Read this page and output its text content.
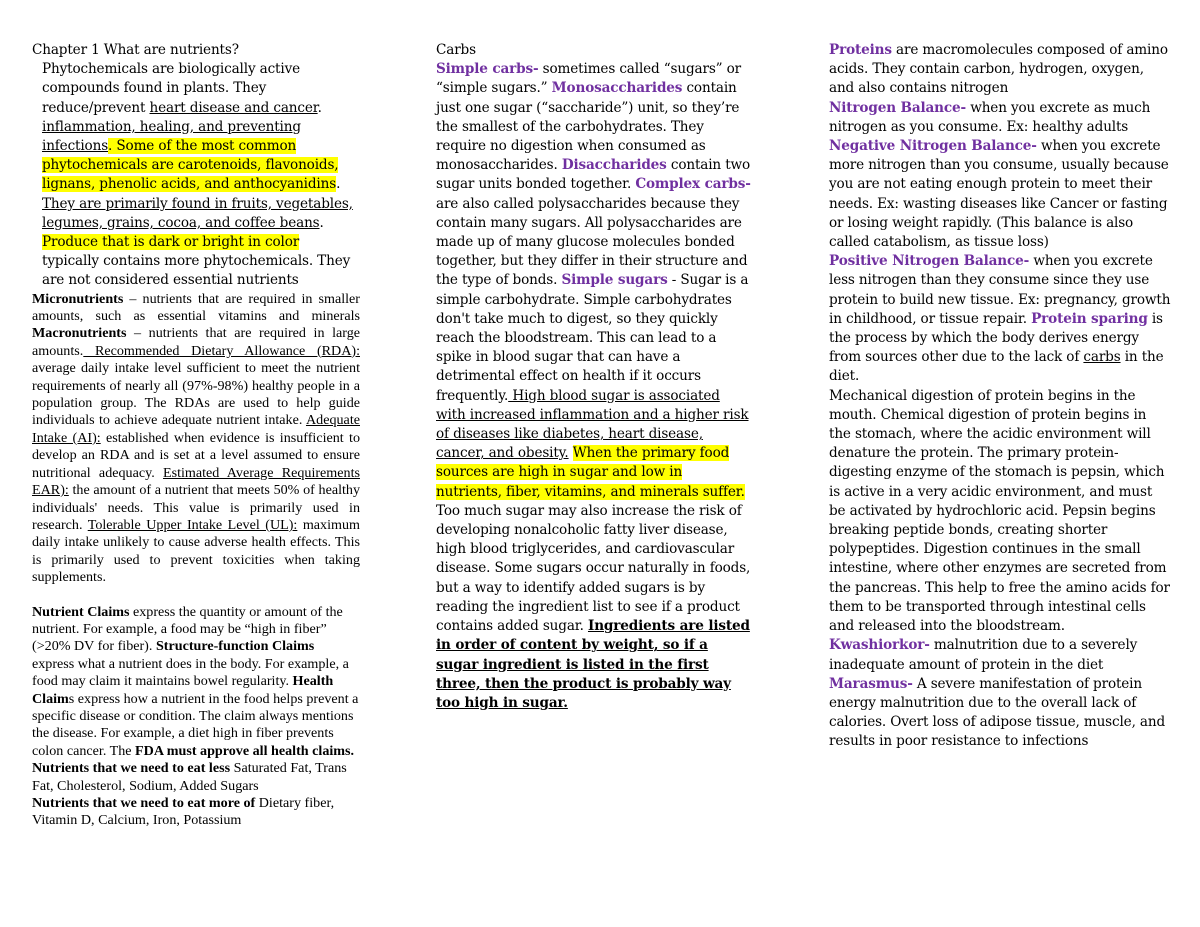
Chapter 1 What are nutrients?

Phytochemicals are biologically active compounds found in plants. They reduce/prevent heart disease and cancer. inflammation, healing, and preventing infections. Some of the most common phytochemicals are carotenoids, flavonoids, lignans, phenolic acids, and anthocyanidins. They are primarily found in fruits, vegetables, legumes, grains, cocoa, and coffee beans. Produce that is dark or bright in color typically contains more phytochemicals. They are not considered essential nutrients

Micronutrients – nutrients that are required in smaller amounts, such as essential vitamins and minerals Macronutrients – nutrients that are required in large amounts. Recommended Dietary Allowance (RDA): average daily intake level sufficient to meet the nutrient requirements of nearly all (97%-98%) healthy people in a population group. The RDAs are used to help guide individuals to achieve adequate nutrient intake. Adequate Intake (AI): established when evidence is insufficient to develop an RDA and is set at a level assumed to ensure nutritional adequacy. Estimated Average Requirements EAR): the amount of a nutrient that meets 50% of healthy individuals' needs. This value is primarily used in research. Tolerable Upper Intake Level (UL): maximum daily intake unlikely to cause adverse health effects. This is primarily used to prevent toxicities when taking supplements.

Nutrient Claims express the quantity or amount of the nutrient. For example, a food may be “high in fiber” (>20% DV for fiber). Structure-function Claims express what a nutrient does in the body. For example, a food may claim it maintains bowel regularity. Health Claims express how a nutrient in the food helps prevent a specific disease or condition. The claim always mentions the disease. For example, a diet high in fiber prevents colon cancer. The FDA must approve all health claims.

Nutrients that we need to eat less Saturated Fat, Trans Fat, Cholesterol, Sodium, Added Sugars

Nutrients that we need to eat more of Dietary fiber, Vitamin D, Calcium, Iron, Potassium

Carbs

Simple carbs- sometimes called “sugars” or “simple sugars.” Monosaccharides contain just one sugar (“saccharide”) unit, so they’re the smallest of the carbohydrates. They require no digestion when consumed as monosaccharides. Disaccharides contain two sugar units bonded together. Complex carbs- are also called polysaccharides because they contain many sugars. All polysaccharides are made up of many glucose molecules bonded together, but they differ in their structure and the type of bonds. Simple sugars - Sugar is a simple carbohydrate. Simple carbohydrates don't take much to digest, so they quickly reach the bloodstream. This can lead to a spike in blood sugar that can have a detrimental effect on health if it occurs frequently. High blood sugar is associated with increased inflammation and a higher risk of diseases like diabetes, heart disease, cancer, and obesity. When the primary food sources are high in sugar and low in nutrients, fiber, vitamins, and minerals suffer. Too much sugar may also increase the risk of developing nonalcoholic fatty liver disease, high blood triglycerides, and cardiovascular disease. Some sugars occur naturally in foods, but a way to identify added sugars is by reading the ingredient list to see if a product contains added sugar. Ingredients are listed in order of content by weight, so if a sugar ingredient is listed in the first three, then the product is probably way too high in sugar.

Proteins are macromolecules composed of amino acids. They contain carbon, hydrogen, oxygen, and also contains nitrogen
Nitrogen Balance- when you excrete as much nitrogen as you consume. Ex: healthy adults
Negative Nitrogen Balance- when you excrete more nitrogen than you consume, usually because you are not eating enough protein to meet their needs. Ex: wasting diseases like Cancer or fasting or losing weight rapidly. (This balance is also called catabolism, as tissue loss)
Positive Nitrogen Balance- when you excrete less nitrogen than they consume since they use protein to build new tissue. Ex: pregnancy, growth in childhood, or tissue repair. Protein sparing is the process by which the body derives energy from sources other due to the lack of carbs in the diet.

Mechanical digestion of protein begins in the mouth. Chemical digestion of protein begins in the stomach, where the acidic environment will denature the protein. The primary protein-digesting enzyme of the stomach is pepsin, which is active in a very acidic environment, and must be activated by hydrochloric acid. Pepsin begins breaking peptide bonds, creating shorter polypeptides. Digestion continues in the small intestine, where other enzymes are secreted from the pancreas. This help to free the amino acids for them to be transported through intestinal cells and released into the bloodstream.

Kwashiorkor- malnutrition due to a severely inadequate amount of protein in the diet

Marasmus- A severe manifestation of protein energy malnutrition due to the overall lack of calories. Overt loss of adipose tissue, muscle, and results in poor resistance to infections
